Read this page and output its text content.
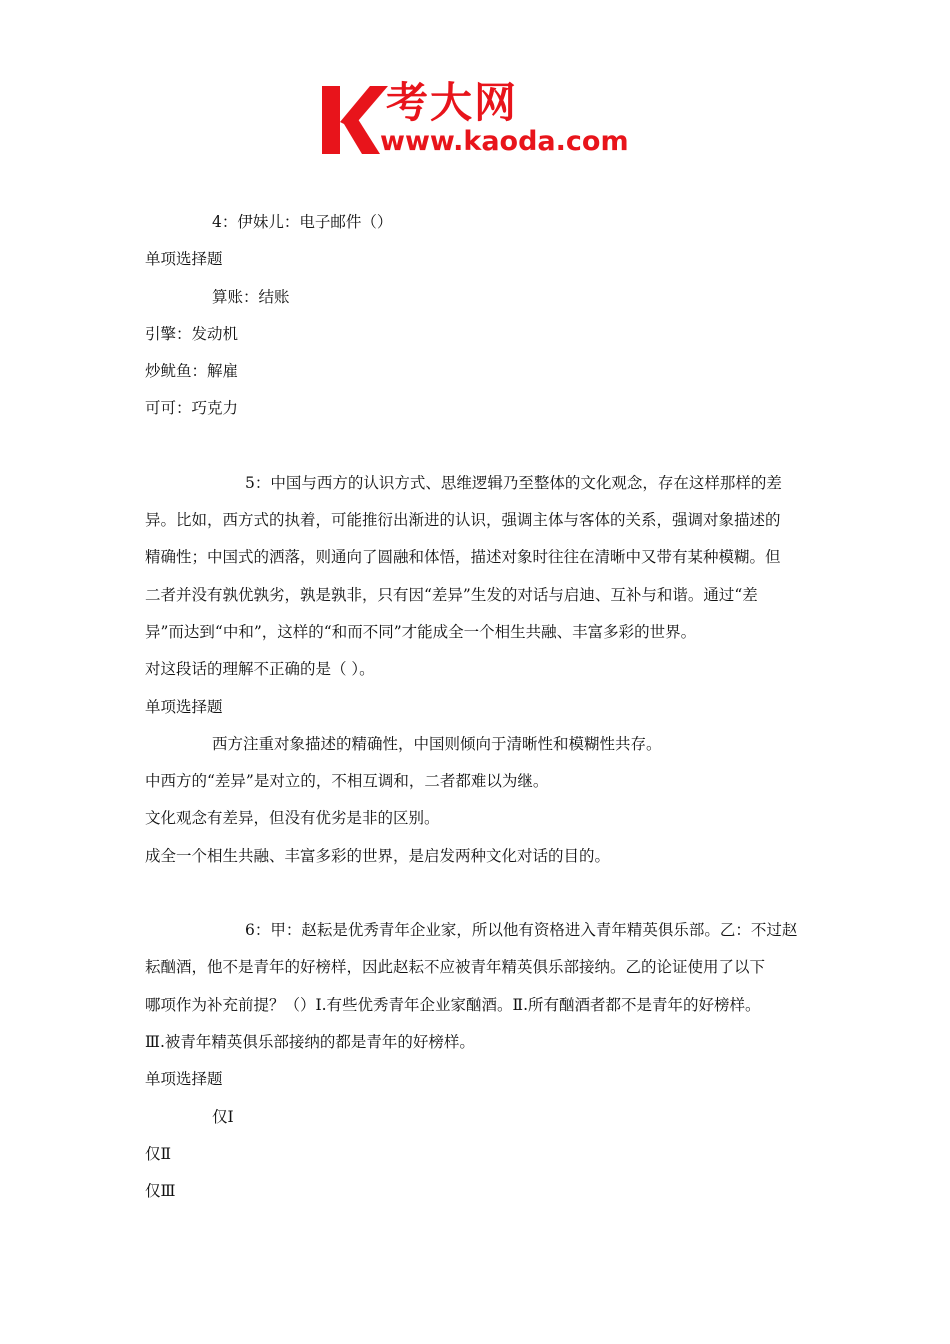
考大网
www.kaoda.com
4：伊妹儿：电子邮件（）
单项选择题
算账：结账
引擎：发动机
炒鱿鱼：解雇
可可：巧克力
5：中国与西方的认识方式、思维逻辑乃至整体的文化观念，存在这样那样的差
异。比如，西方式的执着，可能推衍出渐进的认识，强调主体与客体的关系，强调对象描述的
精确性；中国式的洒落，则通向了圆融和体悟，描述对象时往往在清晰中又带有某种模糊。但
二者并没有孰优孰劣，孰是孰非，只有因“差异”生发的对话与启迪、互补与和谐。通过“差
异”而达到“中和”，这样的“和而不同”才能成全一个相生共融、丰富多彩的世界。
对这段话的理解不正确的是（ ）。
单项选择题
西方注重对象描述的精确性，中国则倾向于清晰性和模糊性共存。
中西方的“差异”是对立的，不相互调和，二者都难以为继。
文化观念有差异，但没有优劣是非的区别。
成全一个相生共融、丰富多彩的世界，是启发两种文化对话的目的。
6：甲：赵耘是优秀青年企业家，所以他有资格进入青年精英俱乐部。乙：不过赵
耘酗酒，他不是青年的好榜样，因此赵耘不应被青年精英俱乐部接纳。乙的论证使用了以下
哪项作为补充前提？（）Ⅰ.有些优秀青年企业家酗酒。Ⅱ.所有酗酒者都不是青年的好榜样。
Ⅲ.被青年精英俱乐部接纳的都是青年的好榜样。
单项选择题
仅Ⅰ
仅Ⅱ
仅Ⅲ
